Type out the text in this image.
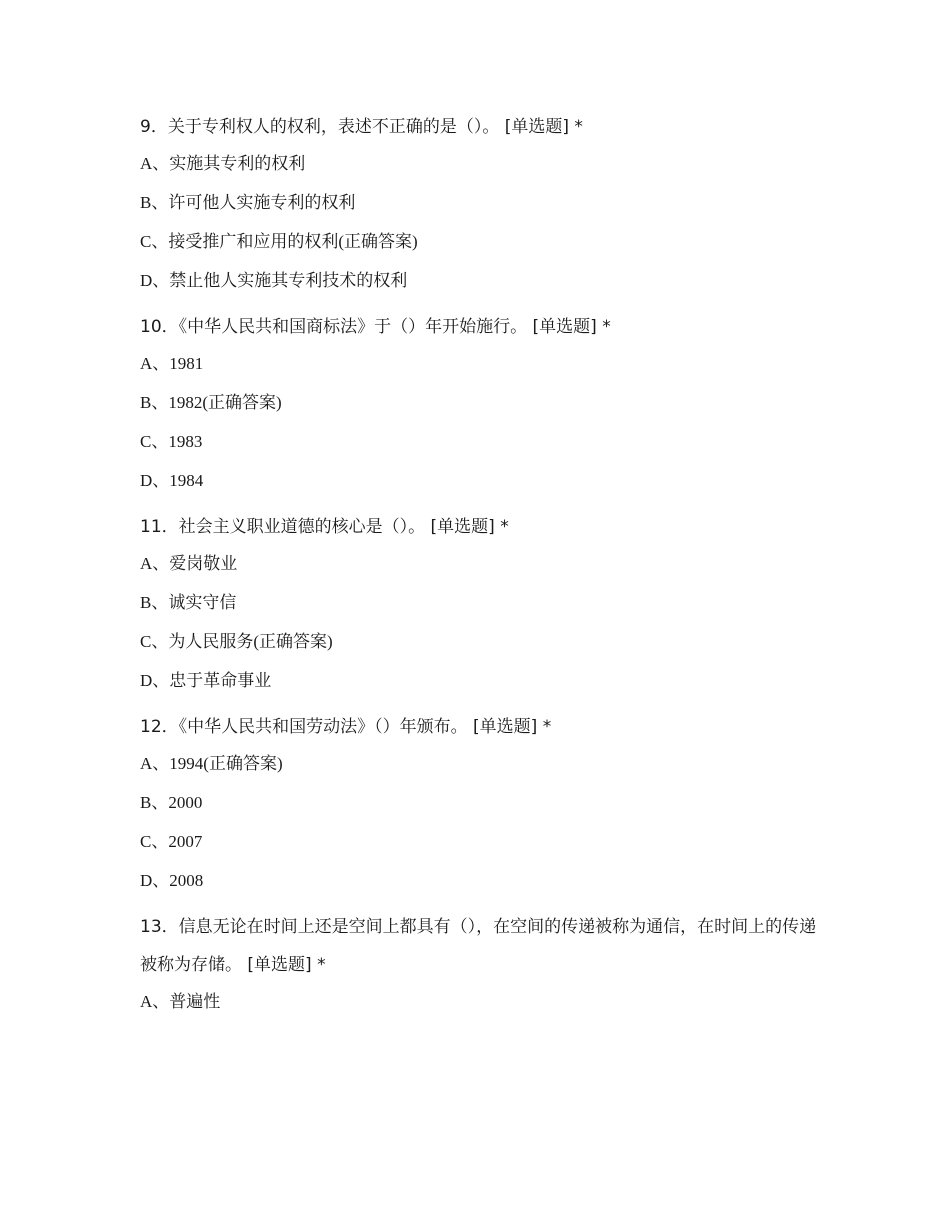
9．关于专利权人的权利，表述不正确的是（）。 [单选题] *
A、实施其专利的权利
B、许可他人实施专利的权利
C、接受推广和应用的权利(正确答案)
D、禁止他人实施其专利技术的权利
10．《中华人民共和国商标法》于（）年开始施行。 [单选题] *
A、1981
B、1982(正确答案)
C、1983
D、1984
11．社会主义职业道德的核心是（）。 [单选题] *
A、爱岗敬业
B、诚实守信
C、为人民服务(正确答案)
D、忠于革命事业
12．《中华人民共和国劳动法》（）年颁布。 [单选题] *
A、1994(正确答案)
B、2000
C、2007
D、2008
13．信息无论在时间上还是空间上都具有（），在空间的传递被称为通信，在时间上的传递被称为存储。 [单选题] *
A、普遍性
